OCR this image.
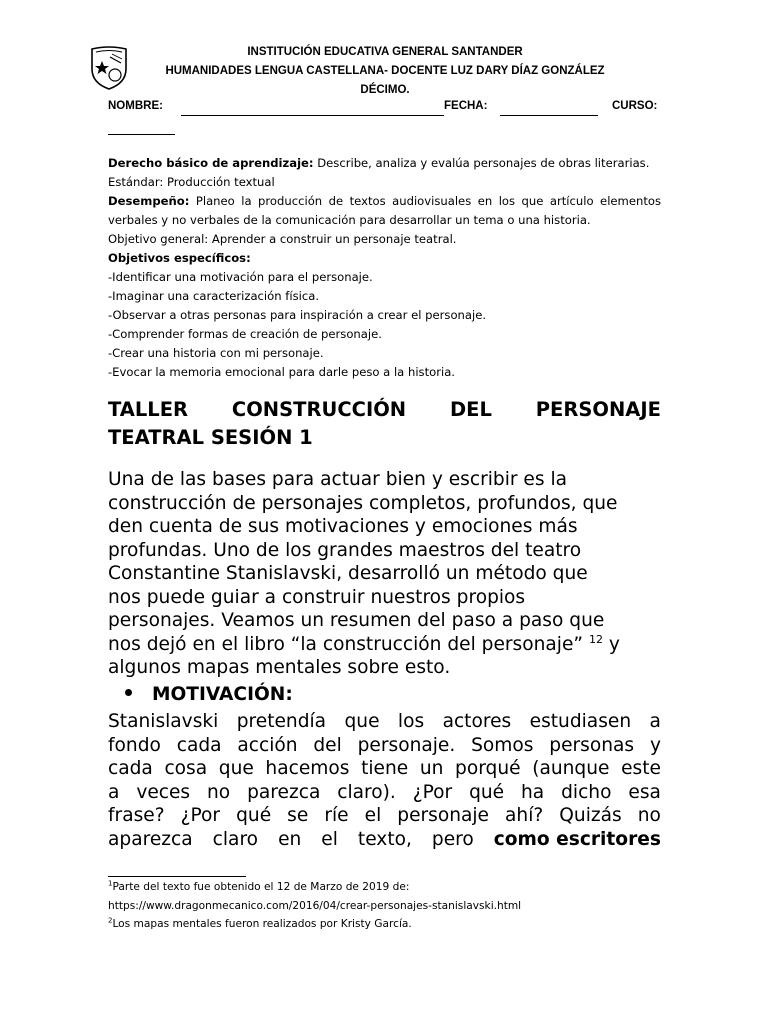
INSTITUCIÓN EDUCATIVA GENERAL SANTANDER
HUMANIDADES LENGUA CASTELLANA- DOCENTE LUZ DARY DÍAZ GONZÁLEZ
DÉCIMO.
NOMBRE:	FECHA:	CURSO:
Derecho básico de aprendizaje: Describe, analiza y evalúa personajes de obras literarias.
Estándar: Producción textual
Desempeño: Planeo la producción de textos audiovisuales en los que artículo elementos verbales y no verbales de la comunicación para desarrollar un tema o una historia.
Objetivo general: Aprender a construir un personaje teatral.
Objetivos específicos:
-Identificar una motivación para el personaje.
-Imaginar una caracterización física.
-Observar a otras personas para inspiración a crear el personaje.
-Comprender formas de creación de personaje.
-Crear una historia con mi personaje.
-Evocar la memoria emocional para darle peso a la historia.
TALLER CONSTRUCCIÓN DEL PERSONAJE
TEATRAL SESIÓN 1
Una de las bases para actuar bien y escribir es la
construcción de personajes completos, profundos, que
den cuenta de sus motivaciones y emociones más
profundas. Uno de los grandes maestros del teatro
Constantine Stanislavski, desarrolló un método que
nos puede guiar a construir nuestros propios
personajes. Veamos un resumen del paso a paso que
nos dejó en el libro “la construcción del personaje” $^{12}$ y
algunos mapas mentales sobre esto.
MOTIVACIÓN:
Stanislavski pretendía que los actores estudiasen a
fondo cada acción del personaje. Somos personas y
cada cosa que hacemos tiene un porqué (aunque este
a veces no parezca claro). ¿Por qué ha dicho esa
frase? ¿Por qué se ríe el personaje ahí? Quizás no
aparezca claro en el texto, pero como escritores
$^1$Parte del texto fue obtenido el 12 de Marzo de 2019 de:
https://www.dragonmecanico.com/2016/04/crear-personajes-stanislavski.html
$^2$Los mapas mentales fueron realizados por Kristy García.
